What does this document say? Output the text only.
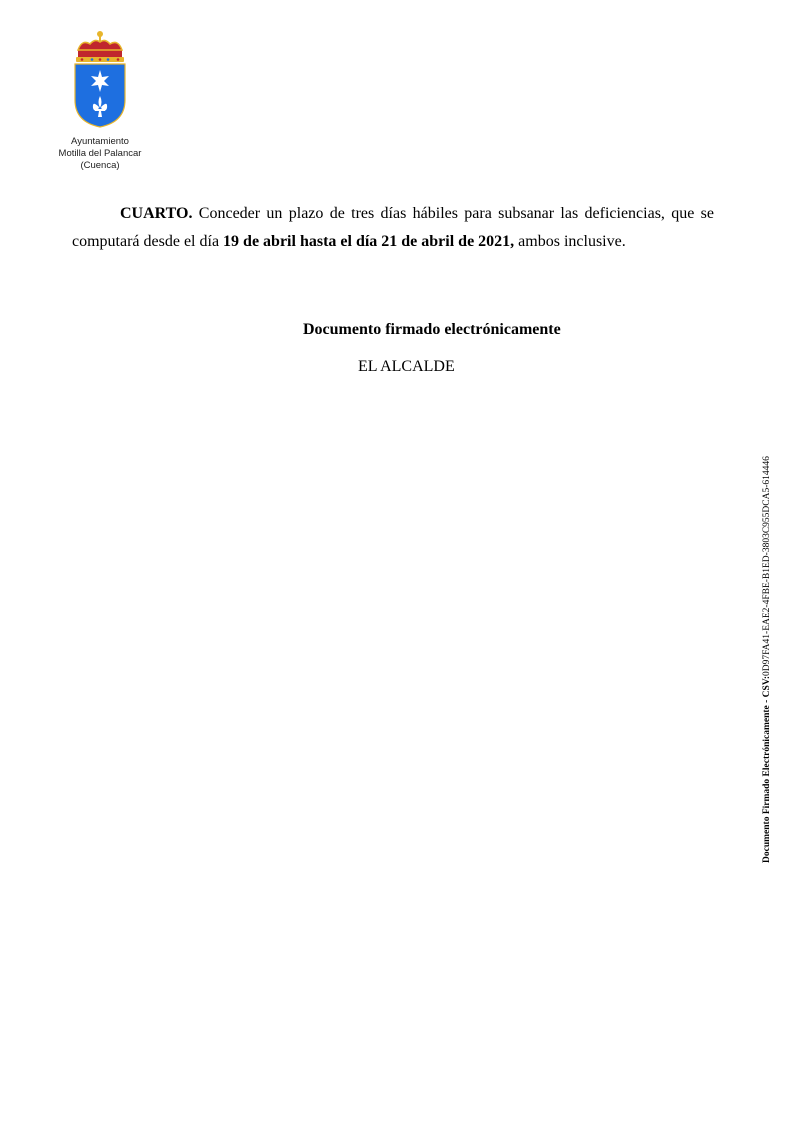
Ayuntamiento
Motilla del Palancar
(Cuenca)

CUARTO. Conceder un plazo de tres días hábiles para subsanar las deficiencias, que se computará desde el día 19 de abril hasta el día 21 de abril de 2021, ambos inclusive.

Documento firmado electrónicamente
EL ALCALDE
Documento Firmado Electrónicamente - CSV:0D97FA41-EAE2-4FBE-B1ED-3803C955DCA5-614446
